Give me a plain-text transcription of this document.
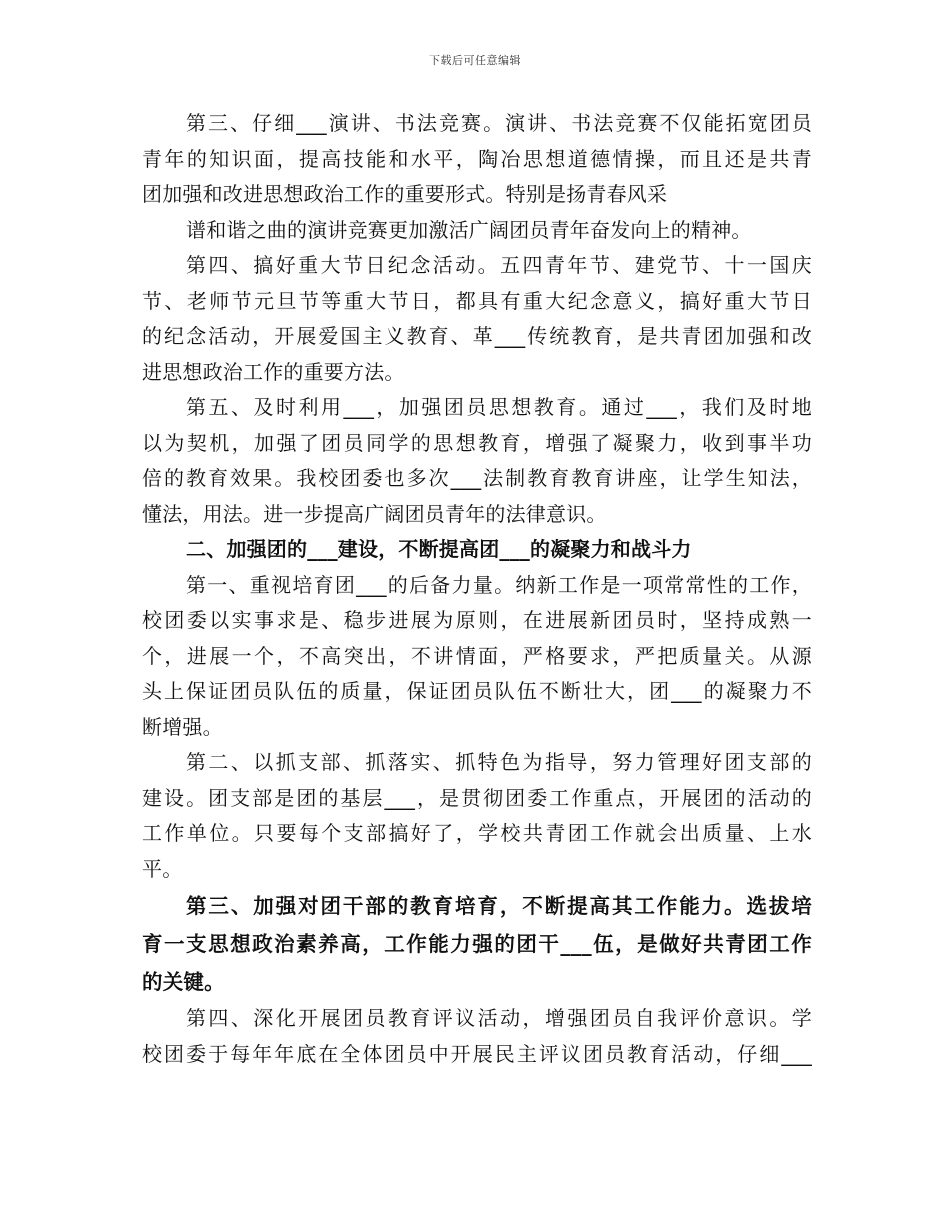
下载后可任意编辑
第三、仔细___演讲、书法竞赛。演讲、书法竞赛不仅能拓宽团员
青年的知识面，提高技能和水平，陶冶思想道德情操，而且还是共青
团加强和改进思想政治工作的重要形式。特别是扬青春风采
谱和谐之曲的演讲竞赛更加激活广阔团员青年奋发向上的精神。
第四、搞好重大节日纪念活动。五四青年节、建党节、十一国庆
节、老师节元旦节等重大节日，都具有重大纪念意义，搞好重大节日
的纪念活动，开展爱国主义教育、革___传统教育，是共青团加强和改
进思想政治工作的重要方法。
第五、及时利用___，加强团员思想教育。通过___，我们及时地
以为契机，加强了团员同学的思想教育，增强了凝聚力，收到事半功
倍的教育效果。我校团委也多次___法制教育教育讲座，让学生知法，
懂法，用法。进一步提高广阔团员青年的法律意识。
二、加强团的___建设，不断提高团___的凝聚力和战斗力
第一、重视培育团___的后备力量。纳新工作是一项常常性的工作，
校团委以实事求是、稳步进展为原则，在进展新团员时，坚持成熟一
个，进展一个，不高突出，不讲情面，严格要求，严把质量关。从源
头上保证团员队伍的质量，保证团员队伍不断壮大，团___的凝聚力不
断增强。
第二、以抓支部、抓落实、抓特色为指导，努力管理好团支部的
建设。团支部是团的基层___，是贯彻团委工作重点，开展团的活动的
工作单位。只要每个支部搞好了，学校共青团工作就会出质量、上水
平。
第三、加强对团干部的教育培育，不断提高其工作能力。选拔培
育一支思想政治素养高，工作能力强的团干___伍，是做好共青团工作
的关键。
第四、深化开展团员教育评议活动，增强团员自我评价意识。学
校团委于每年年底在全体团员中开展民主评议团员教育活动，仔细___
